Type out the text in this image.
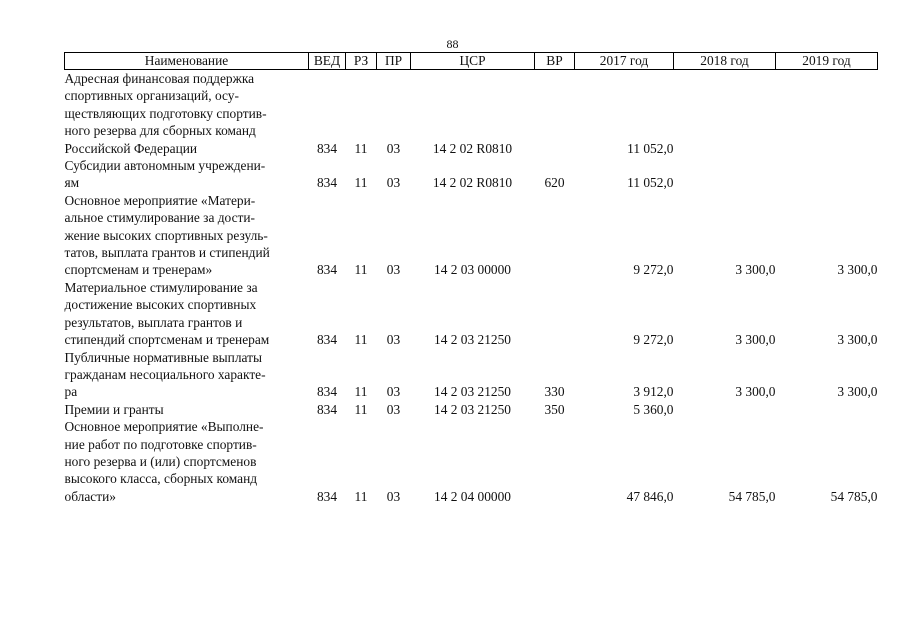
88
Наименование	ВЕД	РЗ	ПР	ЦСР	ВР	2017 год	2018 год	2019 год

Адресная финансовая поддержка
спортивных организаций, осу-
ществляющих подготовку спортив-
ного резерва для сборных команд
Российской Федерации	834	11	03	14 2 02 R0810		11 052,0		

Субсидии автономным учреждени-
ям	834	11	03	14 2 02 R0810	620	11 052,0		

Основное мероприятие «Матери-
альное стимулирование за дости-
жение высоких спортивных резуль-
татов, выплата грантов и стипендий
спортсменам и тренерам»	834	11	03	14 2 03 00000		9 272,0	3 300,0	3 300,0

Материальное стимулирование за
достижение высоких спортивных
результатов, выплата грантов и
стипендий спортсменам и тренерам	834	11	03	14 2 03 21250		9 272,0	3 300,0	3 300,0

Публичные нормативные выплаты
гражданам несоциального характе-
ра	834	11	03	14 2 03 21250	330	3 912,0	3 300,0	3 300,0

Премии и гранты	834	11	03	14 2 03 21250	350	5 360,0		

Основное мероприятие «Выполне-
ние работ по подготовке спортив-
ного резерва и (или) спортсменов
высокого класса, сборных команд
области»	834	11	03	14 2 04 00000		47 846,0	54 785,0	54 785,0
